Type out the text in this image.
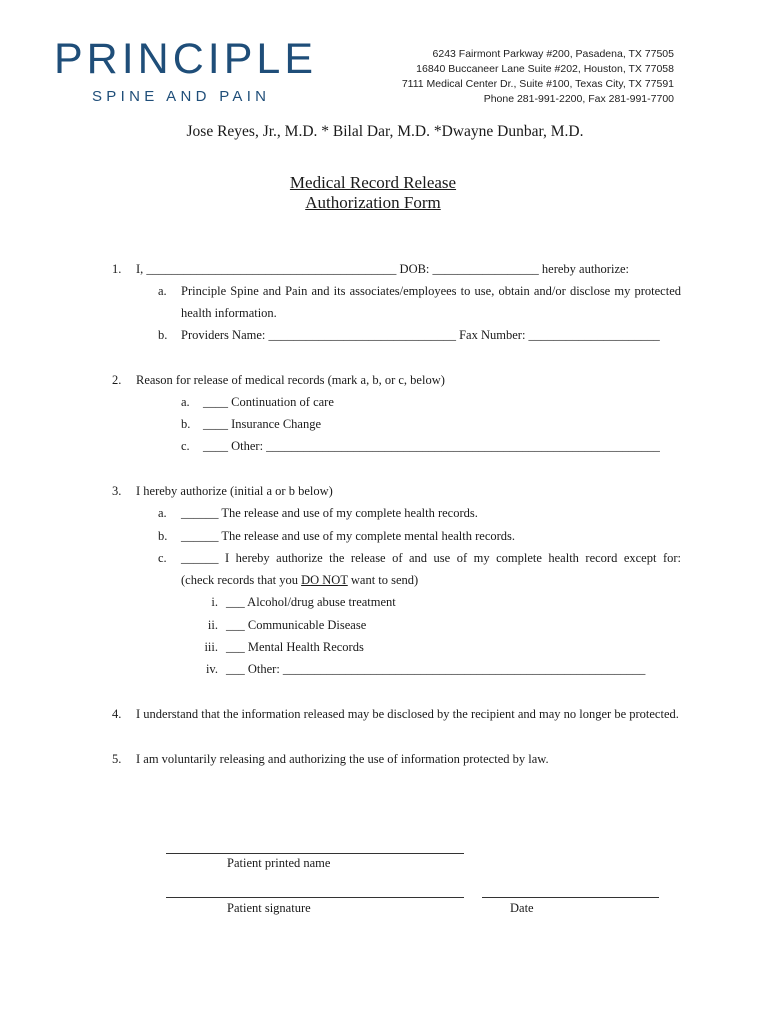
PRINCIPLE
SPINE AND PAIN
6243 Fairmont Parkway #200, Pasadena, TX 77505
16840 Buccaneer Lane Suite #202, Houston, TX 77058
7111 Medical Center Dr., Suite #100, Texas City, TX 77591
Phone 281-991-2200, Fax 281-991-7700
Jose Reyes, Jr., M.D. * Bilal Dar, M.D. *Dwayne Dunbar, M.D.
Medical Record Release
Authorization Form
1. I, ________________________________________ DOB: _________________ hereby authorize:
a. Principle Spine and Pain and its associates/employees to use, obtain and/or disclose my protected
health information.
b. Providers Name: ______________________________ Fax Number: _____________________
2. Reason for release of medical records (mark a, b, or c, below)
a. ____ Continuation of care
b. ____ Insurance Change
c. ____ Other: _______________________________________________________________
3. I hereby authorize (initial a or b below)
a. ______ The release and use of my complete health records.
b. ______ The release and use of my complete mental health records.
c. ______ I hereby authorize the release of and use of my complete health record except for:
(check records that you DO NOT want to send)
i. ___ Alcohol/drug abuse treatment
ii. ___ Communicable Disease
iii. ___ Mental Health Records
iv. ___ Other: __________________________________________________________
4. I understand that the information released may be disclosed by the recipient and may no longer be protected.
5. I am voluntarily releasing and authorizing the use of information protected by law.
Patient printed name
Patient signature	Date
